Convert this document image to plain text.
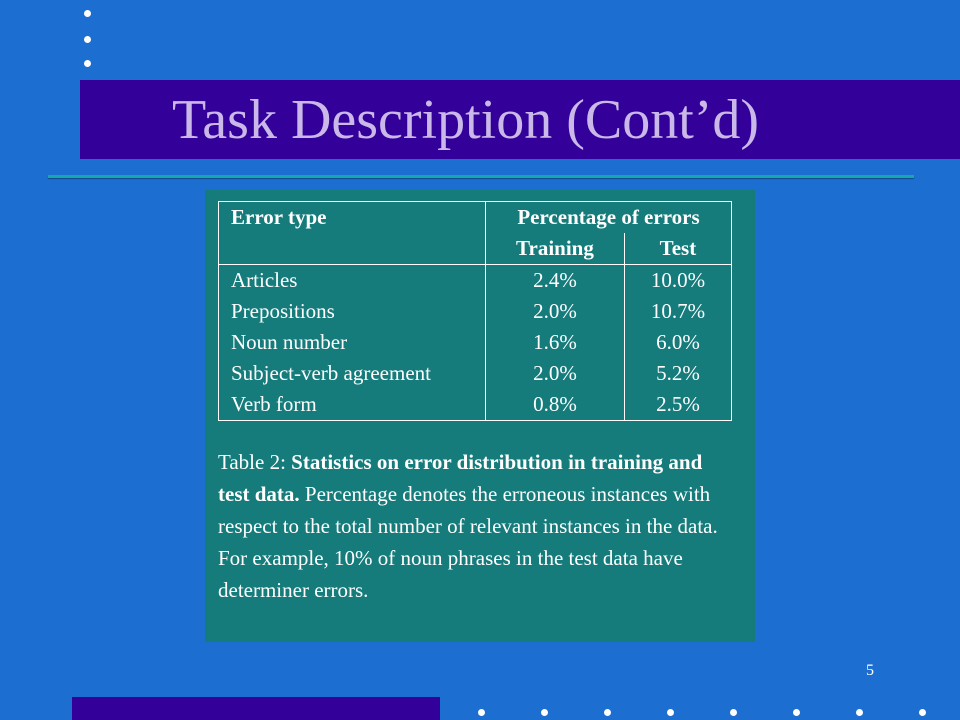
Task Description (Cont’d)
Error type	Percentage of errors	
	Training	Test
Articles	2.4%	10.0%
Prepositions	2.0%	10.7%
Noun number	1.6%	6.0%
Subject-verb agreement	2.0%	5.2%
Verb form	0.8%	2.5%

Table 2: Statistics on error distribution in training and test data. Percentage denotes the erroneous instances with respect to the total number of relevant instances in the data. For example, 10% of noun phrases in the test data have determiner errors.

5
